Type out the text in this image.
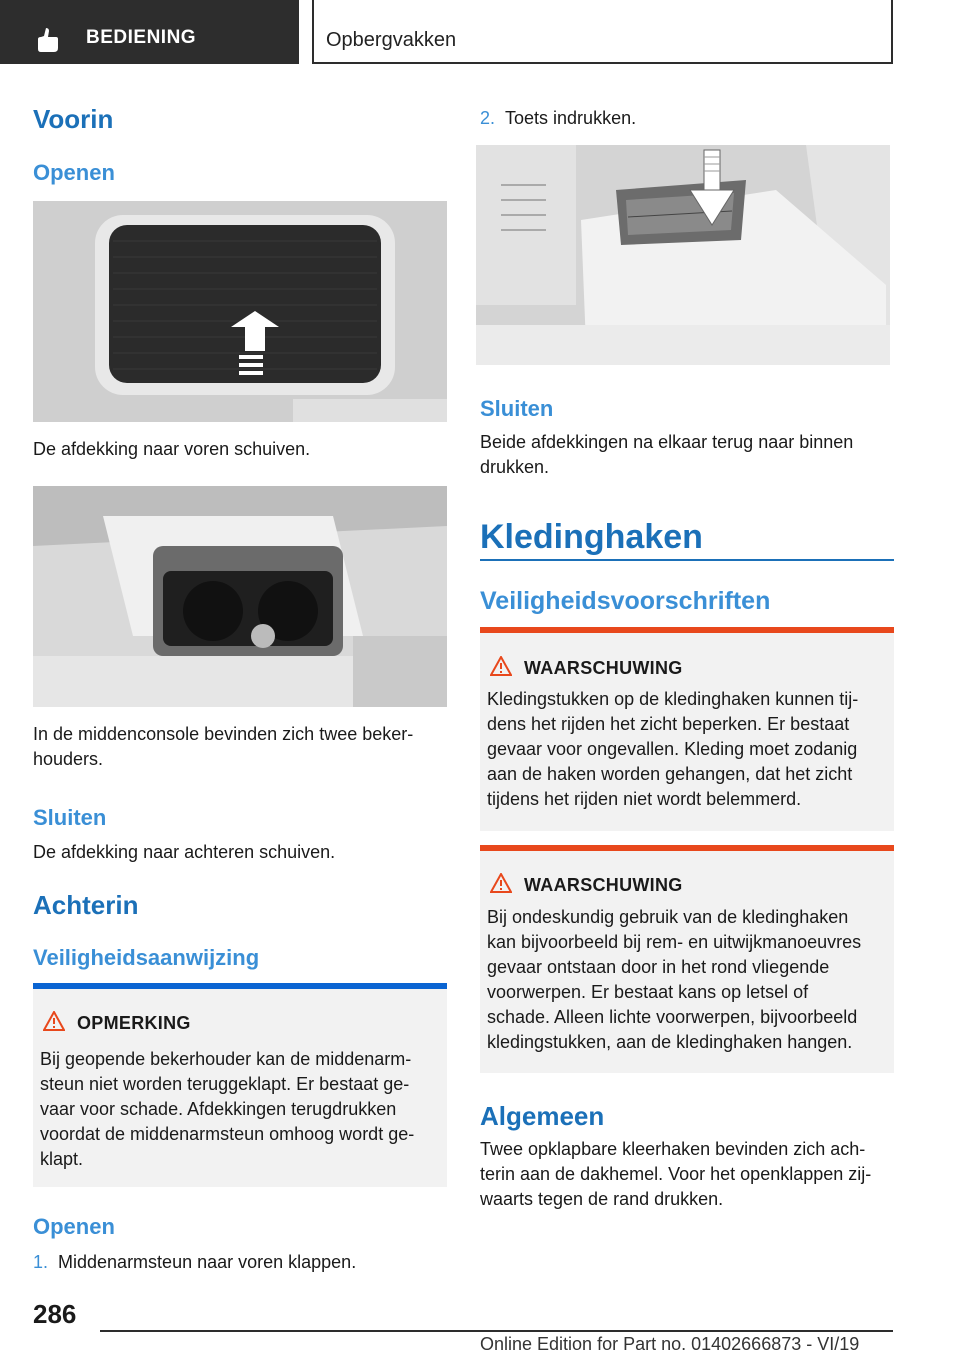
BEDIENING	Opbergvakken
Voorin
Openen

De afdekking naar voren schuiven.

In de middenconsole bevinden zich twee beker-
houders.

Sluiten

De afdekking naar achteren schuiven.

Achterin
Veiligheidsaanwijzing
OPMERKING
Bij geopende bekerhouder kan de middenarm-
steun niet worden teruggeklapt. Er bestaat ge-
vaar voor schade. Afdekkingen terugdrukken
voordat de middenarmsteun omhoog wordt ge-
klapt.
Openen

1. Middenarmsteun naar voren klappen.

2. Toets indrukken.

Sluiten

Beide afdekkingen na elkaar terug naar binnen
drukken.

Kledinghaken
Veiligheidsvoorschriften
WAARSCHUWING
Kledingstukken op de kledinghaken kunnen tij-
dens het rijden het zicht beperken. Er bestaat
gevaar voor ongevallen. Kleding moet zodanig
aan de haken worden gehangen, dat het zicht
tijdens het rijden niet wordt belemmerd.
WAARSCHUWING
Bij ondeskundig gebruik van de kledinghaken
kan bijvoorbeeld bij rem- en uitwijkmanoeuvres
gevaar ontstaan door in het rond vliegende
voorwerpen. Er bestaat kans op letsel of
schade. Alleen lichte voorwerpen, bijvoorbeeld
kledingstukken, aan de kledinghaken hangen.
Algemeen

Twee opklapbare kleerhaken bevinden zich ach-
terin aan de dakhemel. Voor het openklappen zij-
waarts tegen de rand drukken.

286
Online Edition for Part no. 01402666873 - VI/19
